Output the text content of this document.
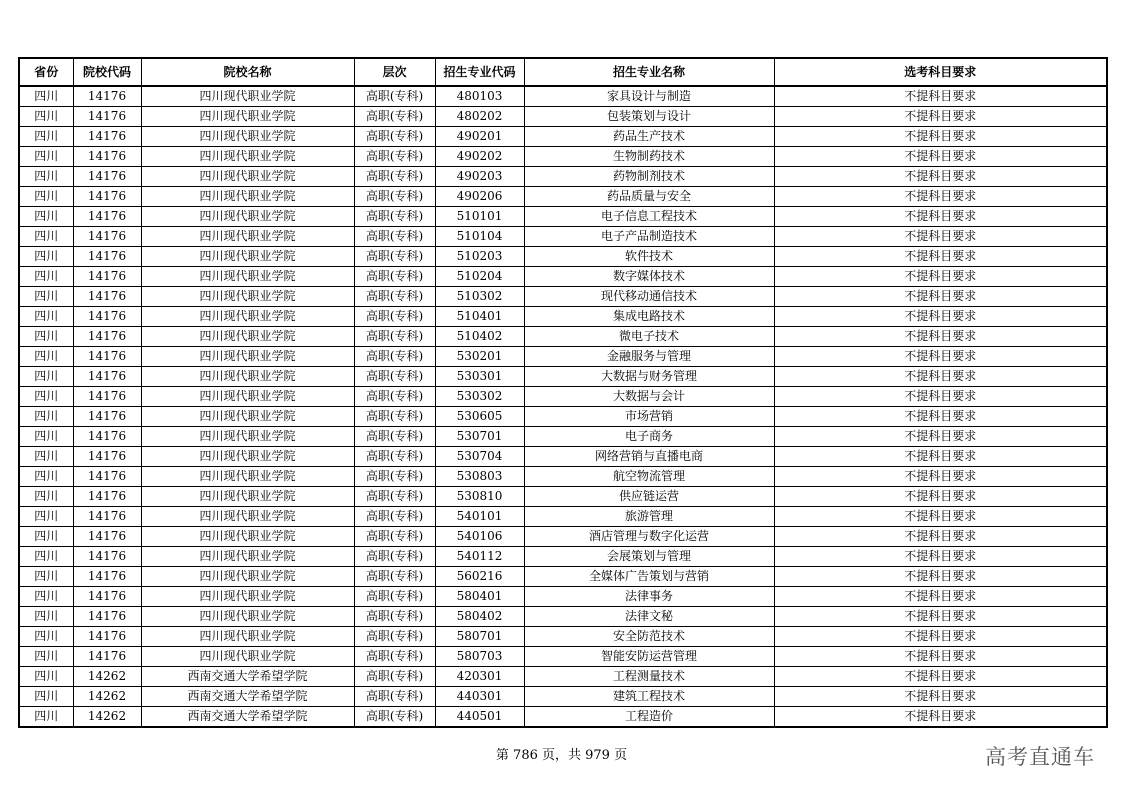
省份	院校代码	院校名称	层次	招生专业代码	招生专业名称	选考科目要求
四川	14176	四川现代职业学院	高职(专科)	480103	家具设计与制造	不提科目要求
四川	14176	四川现代职业学院	高职(专科)	480202	包装策划与设计	不提科目要求
四川	14176	四川现代职业学院	高职(专科)	490201	药品生产技术	不提科目要求
四川	14176	四川现代职业学院	高职(专科)	490202	生物制药技术	不提科目要求
四川	14176	四川现代职业学院	高职(专科)	490203	药物制剂技术	不提科目要求
四川	14176	四川现代职业学院	高职(专科)	490206	药品质量与安全	不提科目要求
四川	14176	四川现代职业学院	高职(专科)	510101	电子信息工程技术	不提科目要求
四川	14176	四川现代职业学院	高职(专科)	510104	电子产品制造技术	不提科目要求
四川	14176	四川现代职业学院	高职(专科)	510203	软件技术	不提科目要求
四川	14176	四川现代职业学院	高职(专科)	510204	数字媒体技术	不提科目要求
四川	14176	四川现代职业学院	高职(专科)	510302	现代移动通信技术	不提科目要求
四川	14176	四川现代职业学院	高职(专科)	510401	集成电路技术	不提科目要求
四川	14176	四川现代职业学院	高职(专科)	510402	微电子技术	不提科目要求
四川	14176	四川现代职业学院	高职(专科)	530201	金融服务与管理	不提科目要求
四川	14176	四川现代职业学院	高职(专科)	530301	大数据与财务管理	不提科目要求
四川	14176	四川现代职业学院	高职(专科)	530302	大数据与会计	不提科目要求
四川	14176	四川现代职业学院	高职(专科)	530605	市场营销	不提科目要求
四川	14176	四川现代职业学院	高职(专科)	530701	电子商务	不提科目要求
四川	14176	四川现代职业学院	高职(专科)	530704	网络营销与直播电商	不提科目要求
四川	14176	四川现代职业学院	高职(专科)	530803	航空物流管理	不提科目要求
四川	14176	四川现代职业学院	高职(专科)	530810	供应链运营	不提科目要求
四川	14176	四川现代职业学院	高职(专科)	540101	旅游管理	不提科目要求
四川	14176	四川现代职业学院	高职(专科)	540106	酒店管理与数字化运营	不提科目要求
四川	14176	四川现代职业学院	高职(专科)	540112	会展策划与管理	不提科目要求
四川	14176	四川现代职业学院	高职(专科)	560216	全媒体广告策划与营销	不提科目要求
四川	14176	四川现代职业学院	高职(专科)	580401	法律事务	不提科目要求
四川	14176	四川现代职业学院	高职(专科)	580402	法律文秘	不提科目要求
四川	14176	四川现代职业学院	高职(专科)	580701	安全防范技术	不提科目要求
四川	14176	四川现代职业学院	高职(专科)	580703	智能安防运营管理	不提科目要求
四川	14262	西南交通大学希望学院	高职(专科)	420301	工程测量技术	不提科目要求
四川	14262	西南交通大学希望学院	高职(专科)	440301	建筑工程技术	不提科目要求
四川	14262	西南交通大学希望学院	高职(专科)	440501	工程造价	不提科目要求
第 786 页，共 979 页	高考直通车
